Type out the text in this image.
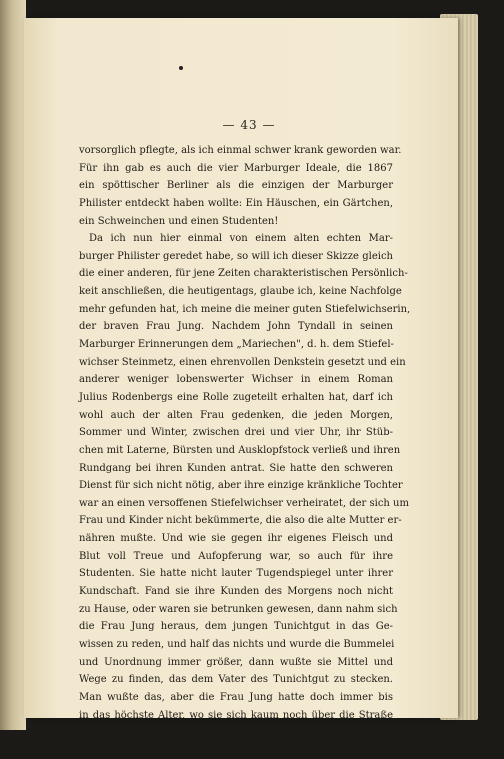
— 43 —
vorsorglich pflegte, als ich einmal schwer krank geworden war.
Für ihn gab es auch die vier Marburger Ideale, die 1867
ein spöttischer Berliner als die einzigen der Marburger
Philister entdeckt haben wollte: Ein Häuschen, ein Gärtchen,
ein Schweinchen und einen Studenten!
Da ich nun hier einmal von einem alten echten Mar-
burger Philister geredet habe, so will ich dieser Skizze gleich
die einer anderen, für jene Zeiten charakteristischen Persönlich-
keit anschließen, die heutigentags, glaube ich, keine Nachfolge
mehr gefunden hat, ich meine die meiner guten Stiefelwichserin,
der braven Frau Jung. Nachdem John Tyndall in seinen
Marburger Erinnerungen dem „Mariechen", d. h. dem Stiefel-
wichser Steinmetz, einen ehrenvollen Denkstein gesetzt und ein
anderer weniger lobenswerter Wichser in einem Roman
Julius Rodenbergs eine Rolle zugeteilt erhalten hat, darf ich
wohl auch der alten Frau gedenken, die jeden Morgen,
Sommer und Winter, zwischen drei und vier Uhr, ihr Stüb-
chen mit Laterne, Bürsten und Ausklopfstock verließ und ihren
Rundgang bei ihren Kunden antrat. Sie hatte den schweren
Dienst für sich nicht nötig, aber ihre einzige kränkliche Tochter
war an einen versoffenen Stiefelwichser verheiratet, der sich um
Frau und Kinder nicht bekümmerte, die also die alte Mutter er-
nähren mußte. Und wie sie gegen ihr eigenes Fleisch und
Blut voll Treue und Aufopferung war, so auch für ihre
Studenten. Sie hatte nicht lauter Tugendspiegel unter ihrer
Kundschaft. Fand sie ihre Kunden des Morgens noch nicht
zu Hause, oder waren sie betrunken gewesen, dann nahm sich
die Frau Jung heraus, dem jungen Tunichtgut in das Ge-
wissen zu reden, und half das nichts und wurde die Bummelei
und Unordnung immer größer, dann wußte sie Mittel und
Wege zu finden, das dem Vater des Tunichtgut zu stecken.
Man wußte das, aber die Frau Jung hatte doch immer bis
in das höchste Alter, wo sie sich kaum noch über die Straße
schleppen konnte, eine gute Kundschaft, und gar mancher ist
ihr für die Strafreden, die sie ihm gehalten, dankbar geblieben.
